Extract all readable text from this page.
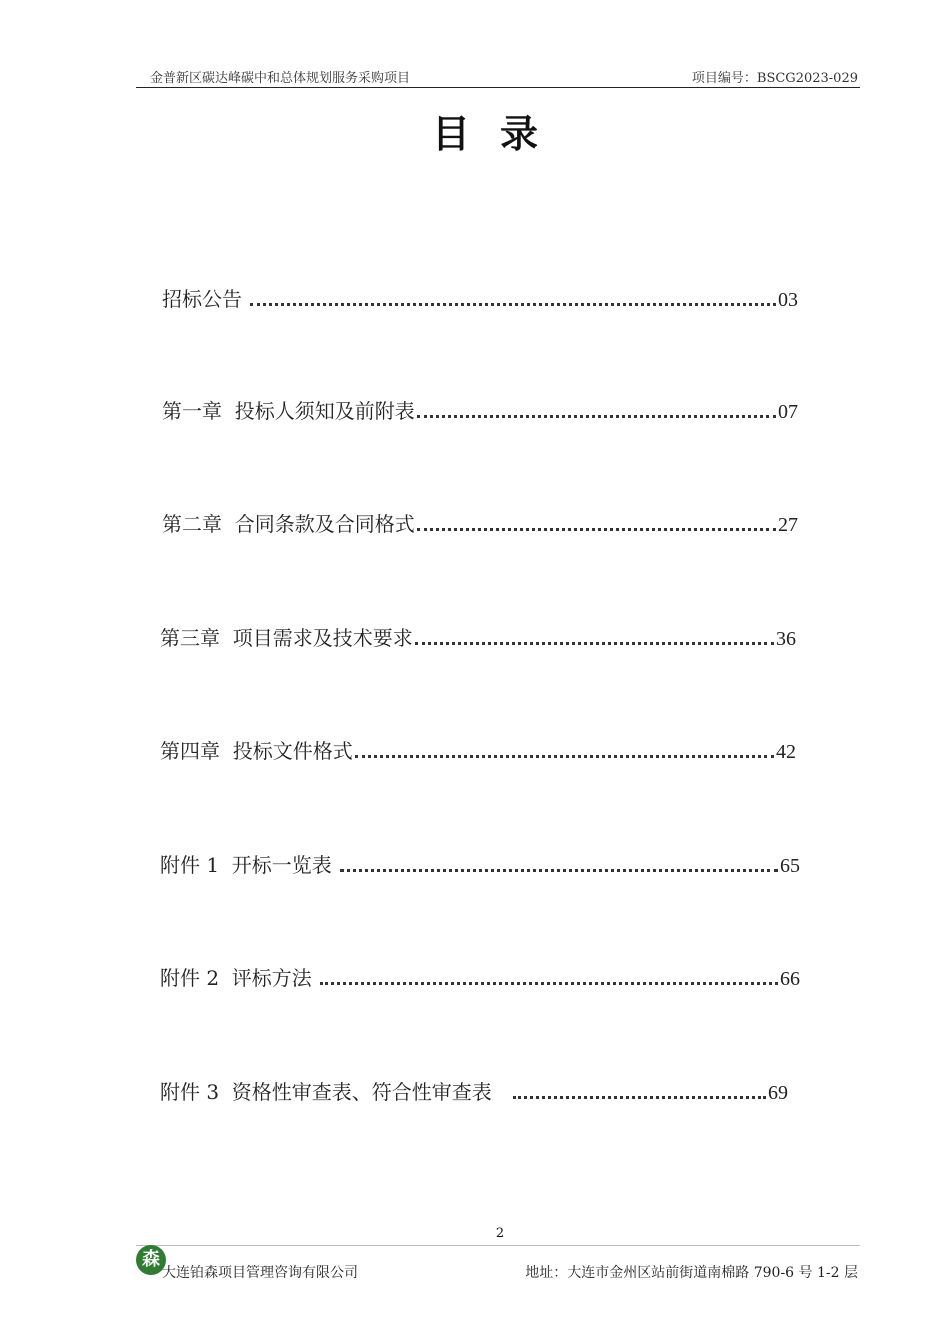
金普新区碳达峰碳中和总体规划服务采购项目	项目编号：BSCG2023-029
目录
招标公告	03
第一章  投标人须知及前附表	07
第二章  合同条款及合同格式	27
第三章  项目需求及技术要求	36
第四章  投标文件格式	42
附件 1  开标一览表	65
附件 2  评标方法	66
附件 3  资格性审查表、符合性审查表	69
2
森
大连铂森项目管理咨询有限公司	地址：大连市金州区站前街道南棉路 790-6 号 1-2 层
